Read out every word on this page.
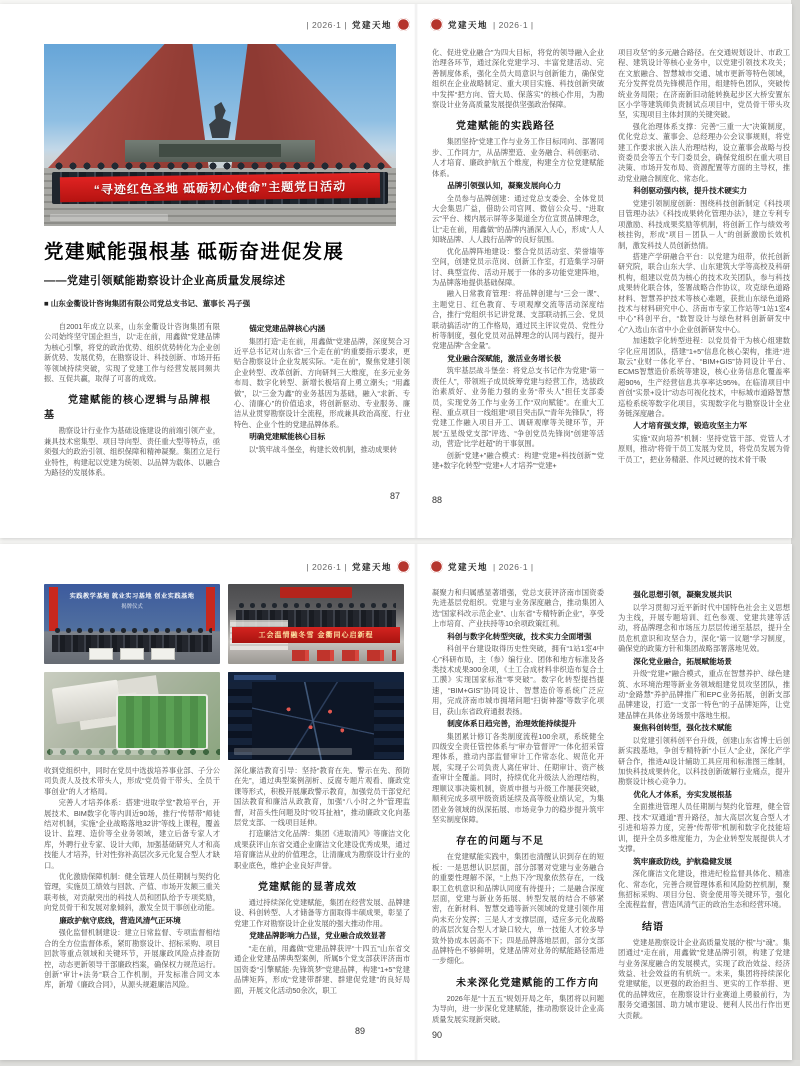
| 2026·1 | 党建天地
“寻迹红色圣地 砥砺初心使命”主题党日活动
党建赋能强根基 砥砺奋进促发展
——党建引领赋能勘察设计企业高质量发展综述
■ 山东金衢设计咨询集团有限公司党总支书记、董事长 冯子强
自2001年成立以来，山东金衢设计咨询集团有限公司始终坚守国企担当，以“走在前，用鑫做”党建品牌为核心引擎，将党的政治优势、组织优势转化为企业创新优势、发展优势，在勘察设计、科技创新、市场开拓等领域持续突破，实现了党建工作与经营发展同频共振、互促共赢，取得了可喜的成效。
党建赋能的核心逻辑与品牌根基
勘察设计行业作为基础设施建设的前端引领产业，兼具技术密集型、项目导向型、责任重大型等特点，亟须强大的政治引领、组织保障和精神凝聚。集团立足行业特性，构建起以党建为统领、以品牌为载体、以融合为路径的发展体系。
锚定党建品牌核心内涵
集团打造“走在前，用鑫做”党建品牌，深度契合习近平总书记对山东省“三个走在前”的重要指示要求，更贴合勘察设计企业发展实际。“走在前”，聚焦党建引领企业转型、改革创新、方向研判三大维度，在多元业务布局、数字化转型、新增长极培育上勇立潮头；“用鑫做”，以“三金为鑫”的业务基因为基础，融入“求新、专心、清廉心”的价值追求，将创新驱动、专业服务、廉洁从业贯穿勘察设计全流程，形成兼具政治高度、行业特色、企业个性的党建品牌体系。
明确党建赋能核心目标
以“筑牢战斗堡垒，构建长效机制，推动成果转
87
党建天地 | 2026·1 |
化、促进党业融合”为四大目标，将党的领导融入企业治理各环节，通过深化党建学习、丰富党建活动、完善制度体系，强化全员大局意识与创新能力，确保党组织在企业战略制定、重大项目实施、科技创新突破中发挥“把方向、管大局、保落实”的核心作用，为勘察设计业务高质量发展提供坚强政治保障。
党建赋能的实践路径
集团坚持“党建工作与业务工作目标同向、部署同步、工作同力”，从品牌塑造、业务融合、科创驱动、人才培育、廉政护航五个维度，构建全方位党建赋能体系。
品牌引领强认知，凝聚发展向心力
全员参与品牌创建：通过党总支委会、全体党员大会集思广益，借助公司官网、微信公众号、“进取云”平台、楼内展示屏等多渠道全方位宣贯品牌理念，让“走在前，用鑫做”的品牌内涵深入人心，形成“人人知晓品牌、人人践行品牌”的良好氛围。
优化品牌阵地建设：整合党员活动室、荣誉墙等空间，创建党员示范岗、创新工作室，打造集学习研讨、典型宣传、活动开展于一体的多功能党建阵地，为品牌落地提供基础保障。
融入日常教育管理：将品牌创建与“三会一课”、主题党日、红色教育、专项观摩交流等活动深度结合，推行“党组织书记讲党课、支部联动抓三会、党员联动搞活动”的工作格局，通过民主评议党员、党性分析等制度，强化党员对品牌理念的认同与践行，提升党建品牌“含金量”。
党业融合深赋能，激活业务增长极
筑牢基层战斗堡垒：将党总支书记作为党建“第一责任人”，带领班子成员统筹党建与经营工作，选拔政治素质好、业务能力强的业务“带头人”担任支部委员，实现党务工作与业务工作“双向赋能”。在重大工程、重点项目一线组建“项目突击队”“青年先锋队”，将党建工作融入项目开工、调研观摩等关键环节，开展“五星级党支部”评选、“争创党员先锋岗”创建等活动，营造“比学赶超”的干事氛围。
创新“党建+”融合模式：构建“党建+科技创新”“党建+数字化转型”“党建+人才培养”“党建+
项目攻坚”的多元融合路径。在交通规划设计、市政工程、建筑设计等核心业务中，以党建引领技术攻关；在文旅融合、智慧城市交通、城市更新等特色领域，充分发挥党员先锋模范作用，组建特色团队，突破传统业务局限；在济南新旧动能转换起步区大桥安置东区小学等建筑师负责制试点项目中，党员骨干带头攻坚，实现项目主体封顶的关键突破。
强化治理体系支撑：完善“三重一大”决策制度，优化党总支、董事会、总经理办公会议事规则，将党建工作要求嵌入法人治理结构，设立董事会战略与投资委员会等五个专门委员会，确保党组织在重大项目决策、市场开发布局、资源配置等方面的主导权，推动党业融合制度化、常态化。
科创驱动强内核，提升技术硬实力
党建引领制度创新：围绕科技创新制定《科技项目管理办法》《科技成果转化管理办法》，建立专利专项激励、科技成果奖励等机制，将创新工作与绩效考核挂钩，形成“项目－团队－人”的创新激励长效机制，激发科技人员创新热情。
搭建产学研融合平台：以党建为纽带，依托创新研究院，联合山东大学、山东建筑大学等高校及科研机构，组建以党员为核心的技术攻关团队，参与科技成果转化联合体，签署战略合作协议，攻克绿色道路材料、智慧养护技术等核心难题，获批山东绿色道路技术与材料研究中心、济南市专家工作站等“1站1室4中心”科创平台，“数智设计与绿色材料创新研发中心”入选山东省中小企业创新研发中心。
加速数字化转型进程：以党员骨干为核心组建数字化应用团队，搭建“1+5”信息化核心架构，推进“进取云”业财一体化平台、“BIM+GIS”协同设计平台、ECMS智慧造价系统等建设，核心业务信息化覆盖率超90%，生产经营信息共享率达95%。在临清项目中首创“实景+设计”动态可视化技术，中标城市道路智慧巡检系统等数字化项目，实现数字化与勘察设计全业务链深度融合。
人才培育强支撑，锻造攻坚主力军
实施“双向培养”机制：坚持党管干部、党管人才原则，推动“将骨干员工发展为党员，将党员发展为骨干员工”，把业务精湛、作风过硬的技术骨干吸
88
| 2026·1 | 党建天地
实践教学基地 就业实习基地 创业实践基地
揭牌仪式
工会温情融冬雪 金衢同心启新程
收到党组织中，同时在党员中选拔培养事业部、子分公司负责人及技术带头人，形成“党员骨干带头、全员干事创业”的人才格局。
完善人才培养体系：搭建“进取学堂”教培平台，开展技术、BIM数字化等内训近90场，推行“传帮带”师徒结对机制，实施“企业战略落地32讲”等线上课程，覆盖设计、监理、造价等全业务领域，建立后备专家人才库，外聘行业专家、设计大师，加强基础研究人才和高技能人才培养，针对性弥补高层次多元化复合型人才缺口。
优化激励保障机制：健全管理人员任期制与契约化管理，实施员工绩效与回款、产值、市场开发额三重关联考核，对贡献突出的科技人员和团队给予专项奖励，向党员骨干和发展对象倾斜，激发全员干事创业动能。
廉政护航守底线，营造风清气正环境
强化监督机制建设：建立日常监督、专项监督相结合的全方位监督体系，紧盯勘察设计、招标采购、项目回款等重点领域和关键环节，开展廉政风险点排查防控，动态更新领导干部廉政档案，确保权力规范运行。创新“审计+法务”联合工作机制，开发标准合同文本库，新增《廉政合同》，从源头规避廉洁风险。
深化廉洁教育引导：坚持“教育在先、警示在先、预防在先”，通过典型案例剖析、反腐专题片观看、廉政党课等形式，积极开展廉政警示教育，加强党员干部党纪国法教育和廉洁从政教育，加强“八小时之外”管理监督，对苗头性问题及时“咬耳扯袖”，推动廉政文化向基层党支部、一线项目延伸。
打造廉洁文化品牌：集团《进取清风》等廉洁文化成果获评山东省交通企业廉洁文化建设优秀成果，通过培育廉洁从业的价值理念，让清廉成为勘察设计行业的职业底色，维护企业良好声誉。
党建赋能的显著成效
通过持续深化党建赋能，集团在经营发展、品牌建设、科创转型、人才储备等方面取得丰硕成果，彰显了党建工作对勘察设计企业发展的强大推动作用。
党建品牌影响力凸显，党业融合成效显著
“走在前，用鑫做”党建品牌获评“十四五”山东省交通企业党建品牌典型案例，所属5个党支部获评济南市国资委“引擎赋能·先锋筑梦”党建品牌，构建“1+5”党建品牌矩阵，形成“党建带群建、群建促党建”的良好局面，开展文化活动50余次，职工
89
党建天地 | 2026·1 |
凝聚力和归属感显著增强，党总支获评济南市国资委先进基层党组织。党建与业务深度融合，推动集团入选“国家科改示范企业”、山东省“专精特新企业”，享受上市培育、产业扶持等10余项政策红利。
科创与数字化转型突破，技术实力全面增强
科创平台建设取得历史性突破，拥有“1站1室4中心”科研布局，主（参）编行业、团体和地方标准及各类技术成果300余项，《土工合成材料非织造布复合土工膜》实现国家标准“零突破”。数字化转型提挡提速，“BIM+GIS”协同设计、智慧造价等系统广泛应用，完成济南市城市拥堵问题“扫街神器”等数字化项目，获山东省政府通报表扬。
制度体系日趋完善，治理效能持续提升
集团累计修订各类制度流程100余项，系统健全四级安全责任管控体系与“审办管督评”一体化招采管理体系，推动内部监督审计工作常态化、规范化开展，实现子公司负责人离任审计、任期审计、资产核查审计全覆盖。同时，持续优化升级法人治理结构，理顺议事决策机制，资质申报与升级工作屡获突破，顺利完成多项甲级资质延续及高等级业绩认定，为集团业务领域的纵深拓展、市场竞争力的稳步提升筑牢坚实制度保障。
存在的问题与不足
在党建赋能实践中，集团也清醒认识到存在的短板：一是思想认识层面，部分部署对党建与业务融合的重要性理解不深，“上热下冷”现象依然存在，一线职工危机意识和品牌认同度有待提升；二是融合深度层面，党建与新业务拓展、转型发展的结合不够紧密，在新材料、智慧交通等新兴领域的党建引领作用尚未充分发挥；三是人才支撑层面，适应多元化战略的高层次复合型人才缺口较大，单一技能人才较多导致外协成本居高不下；四是品牌落地层面，部分支部品牌特色不够鲜明，党建品牌对业务的赋能路径需进一步细化。
未来深化党建赋能的工作方向
2026年是“十五五”规划开局之年，集团将以问题为导向，进一步深化党建赋能，推动勘察设计企业高质量发展实现新突破。
强化思想引领，凝聚发展共识
以学习贯彻习近平新时代中国特色社会主义思想为主线，开展专题培训、红色参观、党建共建等活动，将品牌理念和市场压力层层传递至基层，提升全员危机意识和攻坚合力，深化“第一议题”学习制度，确保党的政策方针和集团战略部署落地见效。
深化党业融合，拓展赋能场景
升级“党建+”融合模式，重点在智慧养护、绿色建筑、水环境治理等新业务领域组建党员攻坚团队，推动“金路慧”养护品牌推广和EPC业务拓展，创新支部品牌建设，打造“一支部一特色”的子品牌矩阵，让党建品牌在具体业务场景中落地生根。
聚焦科创转型，强化技术赋能
以党建引领科创平台升级，创建山东省博士后创新实践基地，争创专精特新“小巨人”企业，深化产学研合作，推进AI设计辅助工具应用和标准图三维制，加快科技成果转化，以科技创新破解行业痛点，提升勘察设计核心竞争力。
优化人才体系，夯实发展根基
全面推进管理人员任期制与契约化管理，健全管理、技术“双通道”晋升路径，加大高层次复合型人才引进和培养力度，完善“传帮带”机制和数字化技能培训，提升全员多维度能力，为企业转型发展提供人才支撑。
筑牢廉政防线，护航稳健发展
深化廉洁文化建设，推进纪检监督具体化、精准化、常态化，完善合规管理体系和风险防控机制，聚焦招标采购、项目分包、资金使用等关键环节，强化全流程监督，营造风清气正的政治生态和经营环境。
结语
党建是勘察设计企业高质量发展的“根”与“魂”。集团通过“走在前，用鑫做”党建品牌引领，构建了党建与业务深度融合的发展模式，实现了政治效益、经济效益、社会效益的有机统一。未来，集团将持续深化党建赋能，以更强的政治担当、更实的工作举措、更优的品牌效应，在勘察设计行业赛道上勇毅前行，为服务交通强国、助力城市建设、便利人民出行作出更大贡献。
90
